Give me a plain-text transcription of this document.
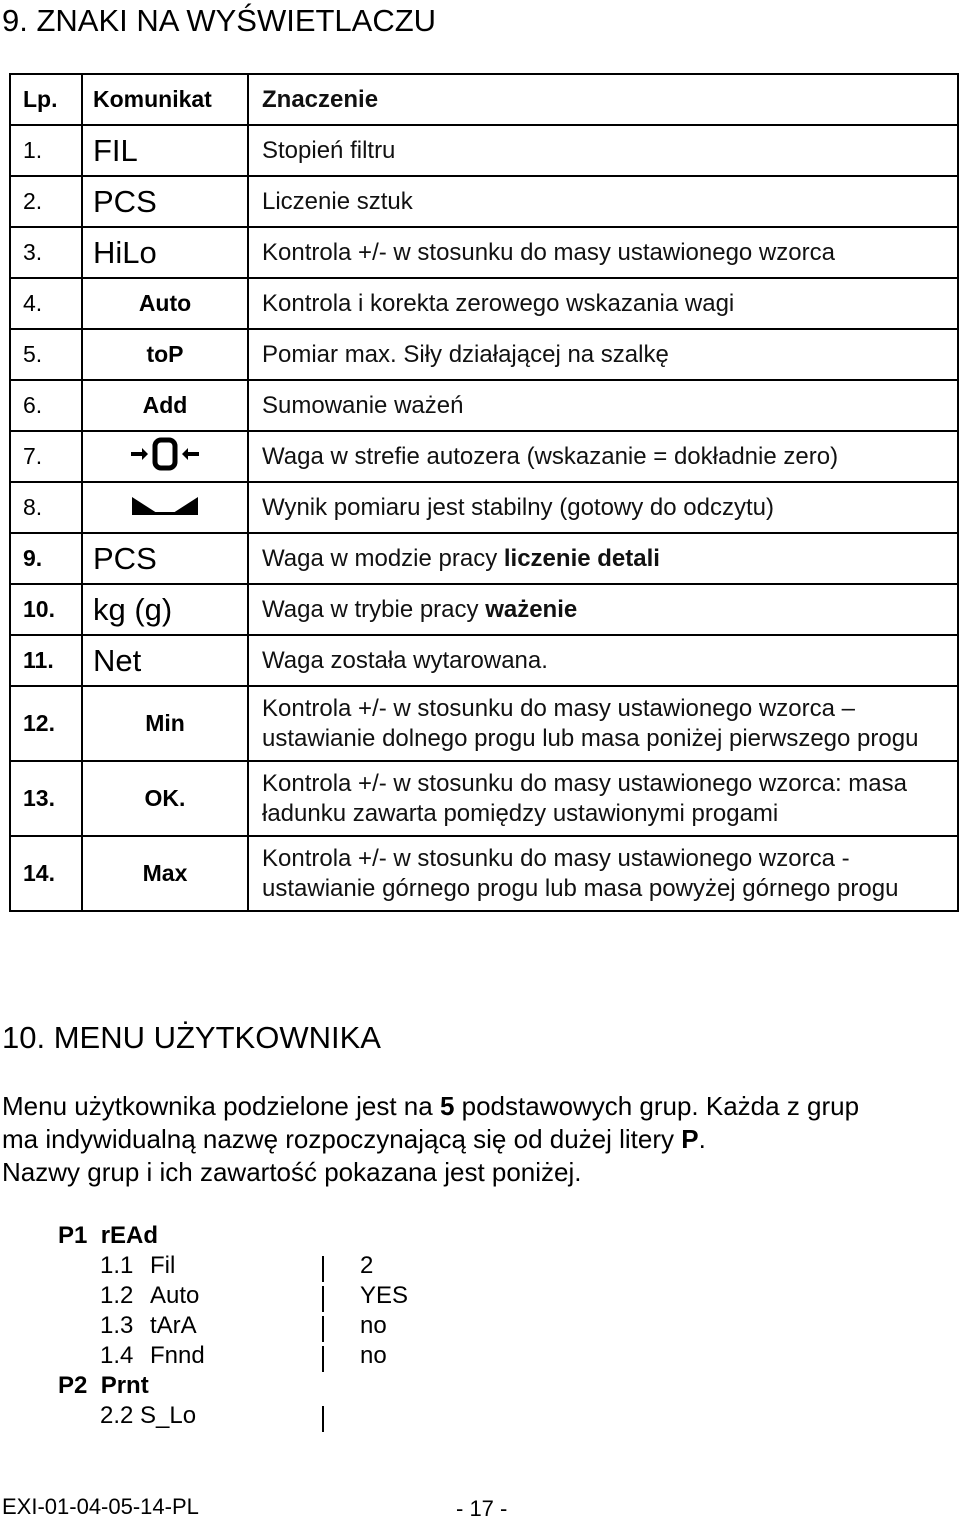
9. ZNAKI NA WYŚWIETLACZU
Lp.	Komunikat	Znaczenie
1.	FIL	Stopień filtru
2.	PCS	Liczenie sztuk
3.	HiLo	Kontrola +/- w stosunku do masy ustawionego wzorca
4.	Auto	Kontrola i korekta zerowego wskazania wagi
5.	toP	Pomiar max. Siły działającej na szalkę
6.	Add	Sumowanie ważeń
7.		Waga w strefie autozera (wskazanie = dokładnie zero)
8.		Wynik pomiaru jest stabilny (gotowy do odczytu)
9.	PCS	Waga w modzie pracy liczenie detali
10.	kg (g)	Waga w trybie pracy ważenie
11.	Net	Waga została wytarowana.
12.	Min	Kontrola +/- w stosunku do masy ustawionego wzorca –
ustawianie dolnego progu lub masa poniżej pierwszego progu

13.	OK.	Kontrola +/- w stosunku do masy ustawionego wzorca: masa
ładunku zawarta pomiędzy ustawionymi progami

14.	Max	Kontrola +/- w stosunku do masy ustawionego wzorca -
ustawianie górnego progu lub masa powyżej górnego progu
10. MENU UŻYTKOWNIKA
Menu użytkownika podzielone jest na 5 podstawowych grup. Każda z grup
ma indywidualną nazwę rozpoczynającą się od dużej litery P.
Nazwy grup i ich zawartość pokazana jest poniżej.
P1 rEAd
1.1 Fil	2
1.2 Auto	YES
1.3 tArA	no
1.4 Fnnd	no
P2 Prnt
2.2 S_Lo
EXI-01-04-05-14-PL	- 17 -
